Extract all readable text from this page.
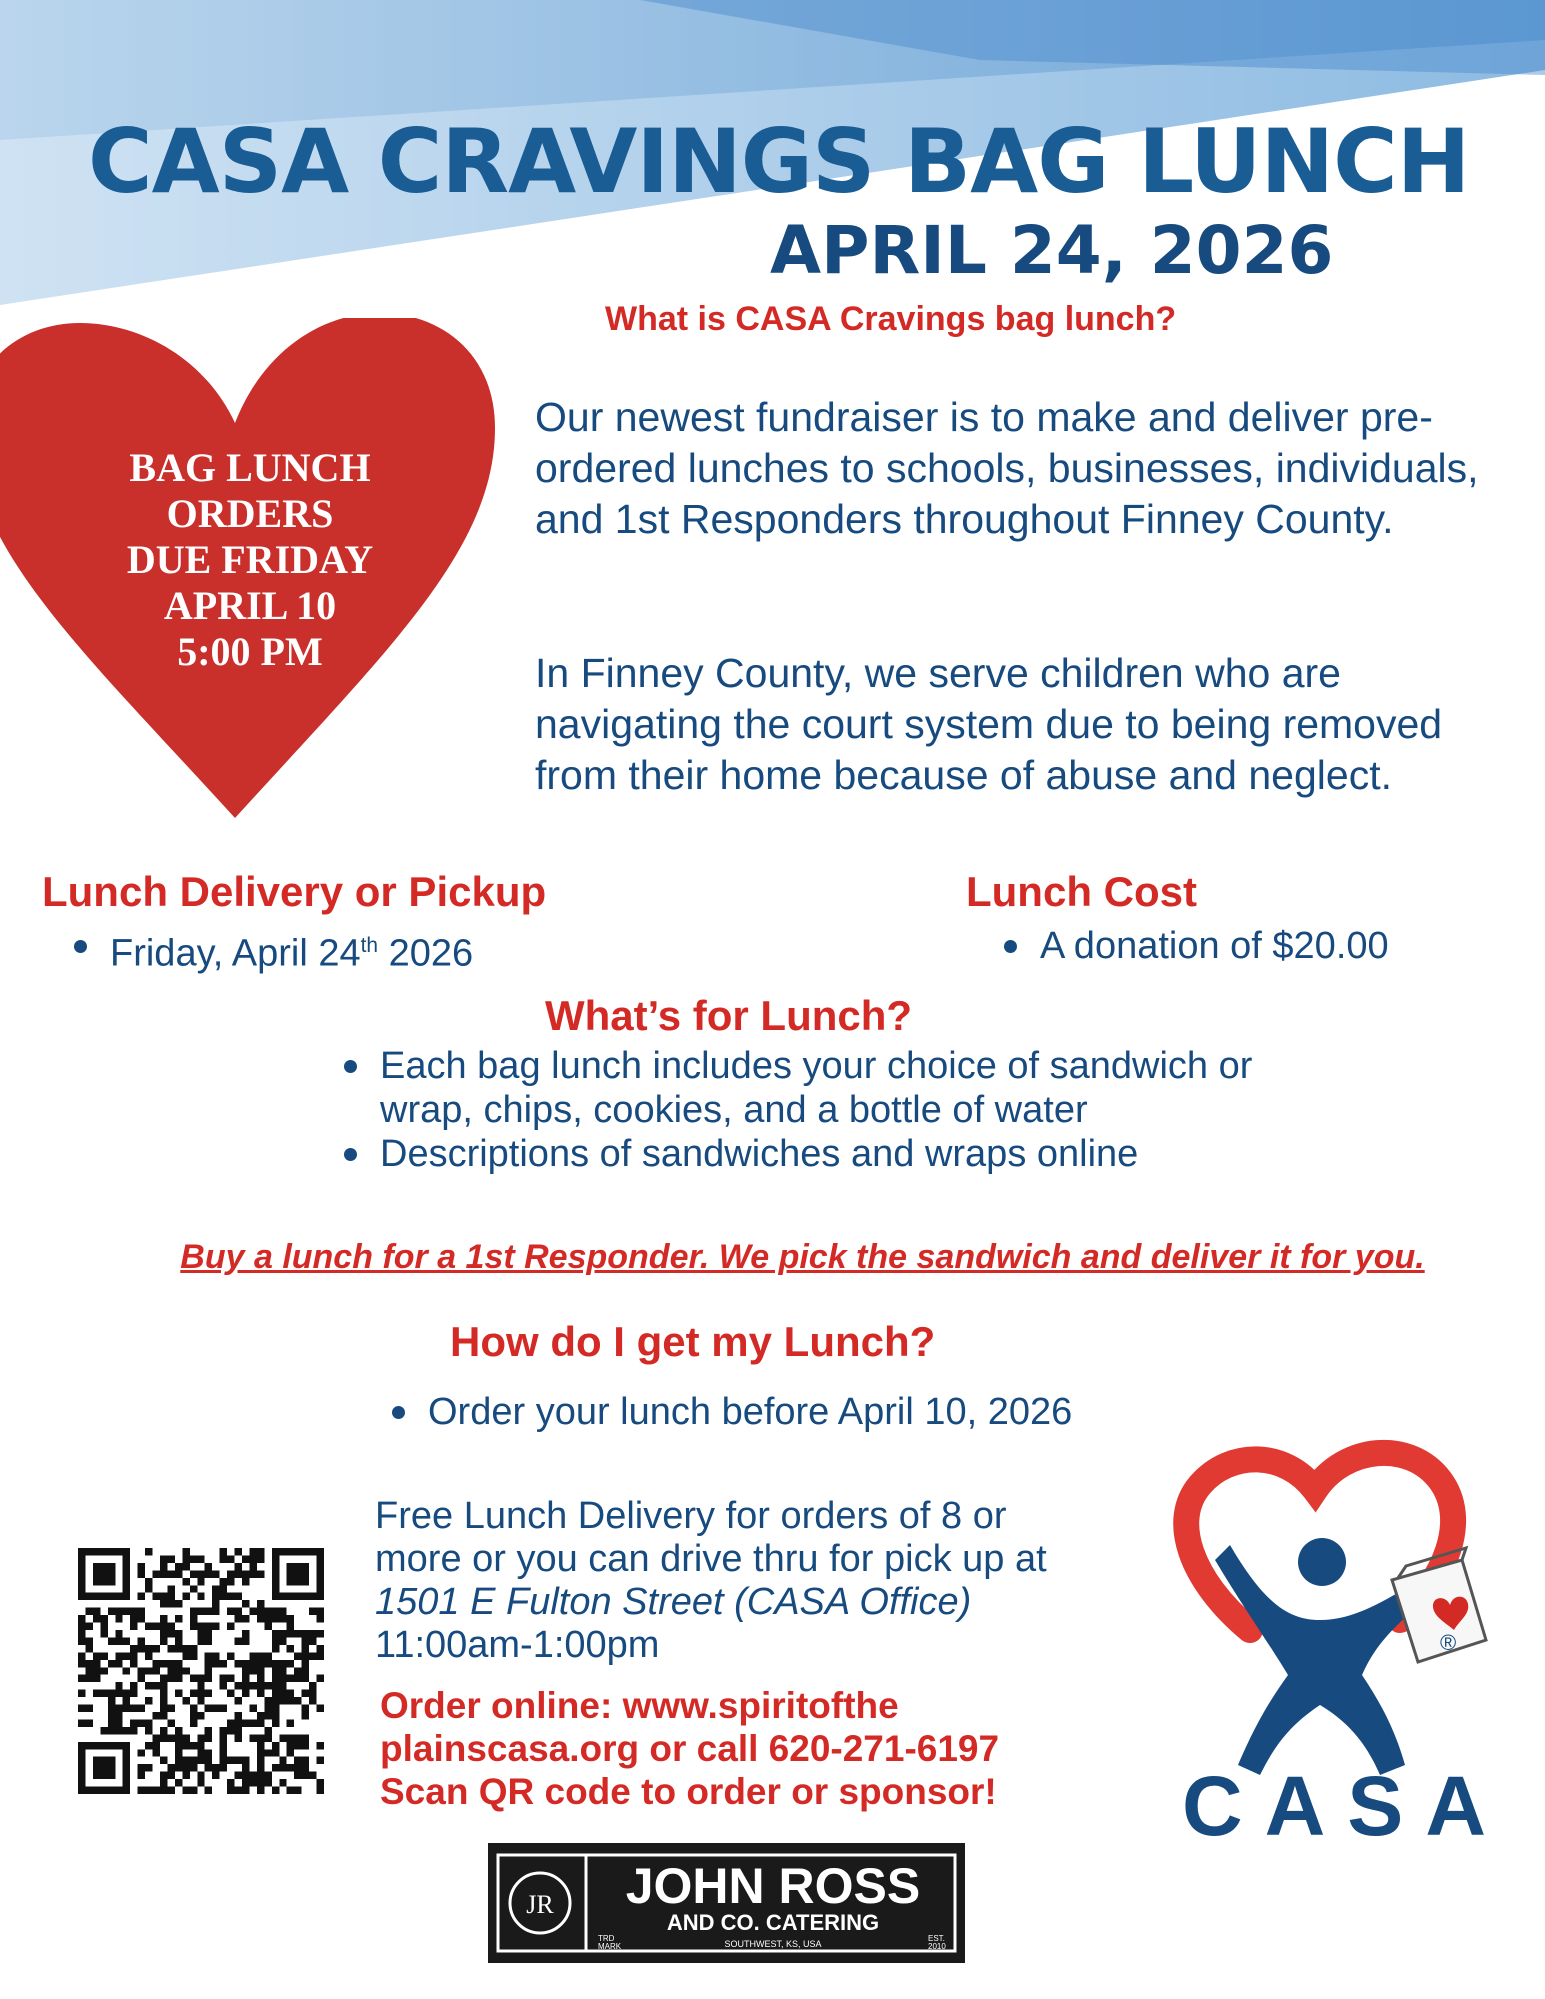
CASA CRAVINGS BAG LUNCH
APRIL 24, 2026
What is CASA Cravings bag lunch?
BAG LUNCH
ORDERS
DUE FRIDAY
APRIL 10
5:00 PM
Our newest fundraiser is to make and deliver pre-ordered lunches to schools, businesses, individuals, and 1st Responders throughout Finney County.
In Finney County, we serve children who are navigating the court system due to being removed from their home because of abuse and neglect.
Lunch Delivery or Pickup
Friday, April 24th 2026
Lunch Cost
A donation of $20.00
What’s for Lunch?
Each bag lunch includes your choice of sandwich or wrap, chips, cookies, and a bottle of water
Descriptions of sandwiches and wraps online
Buy a lunch for a 1st Responder. We pick the sandwich and deliver it for you.
How do I get my Lunch?
Order your lunch before April 10, 2026
Free Lunch Delivery for orders of 8 or
more or you can drive thru for pick up at
1501 E Fulton Street (CASA Office)
11:00am-1:00pm
Order online: www.spiritofthe
plainscasa.org or call 620-271-6197
Scan QR code to order or sponsor!
®
CASA
JR JOHN ROSS
AND CO. CATERING
SOUTHWEST, KS, USA
TRD
MARK
EST.
2010
